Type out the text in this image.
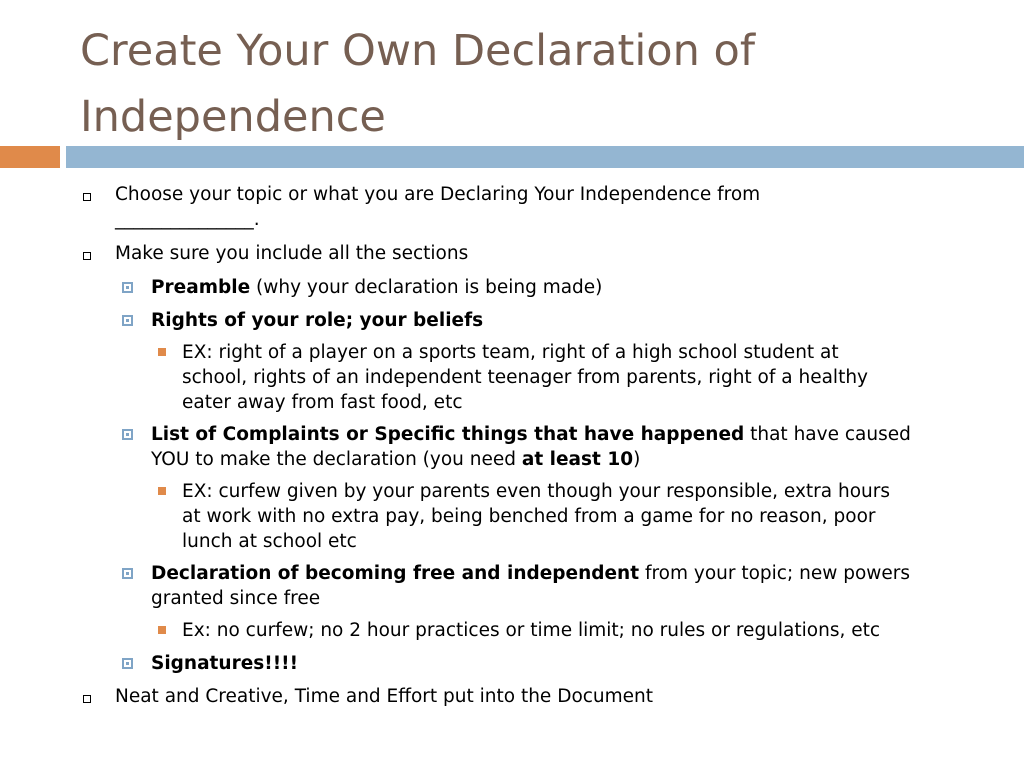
Create Your Own Declaration of
Independence
Choose your topic or what you are Declaring Your Independence from
_______________.
Make sure you include all the sections
Preamble (why your declaration is being made)
Rights of your role; your beliefs
EX: right of a player on a sports team, right of a high school student at
school, rights of an independent teenager from parents, right of a healthy
eater away from fast food, etc
List of Complaints or Specific things that have happened that have caused
YOU to make the declaration (you need at least 10)
EX: curfew given by your parents even though your responsible, extra hours
at work with no extra pay, being benched from a game for no reason, poor
lunch at school etc
Declaration of becoming free and independent from your topic; new powers
granted since free
Ex: no curfew; no 2 hour practices or time limit; no rules or regulations, etc
Signatures!!!!
Neat and Creative, Time and Effort put into the Document
